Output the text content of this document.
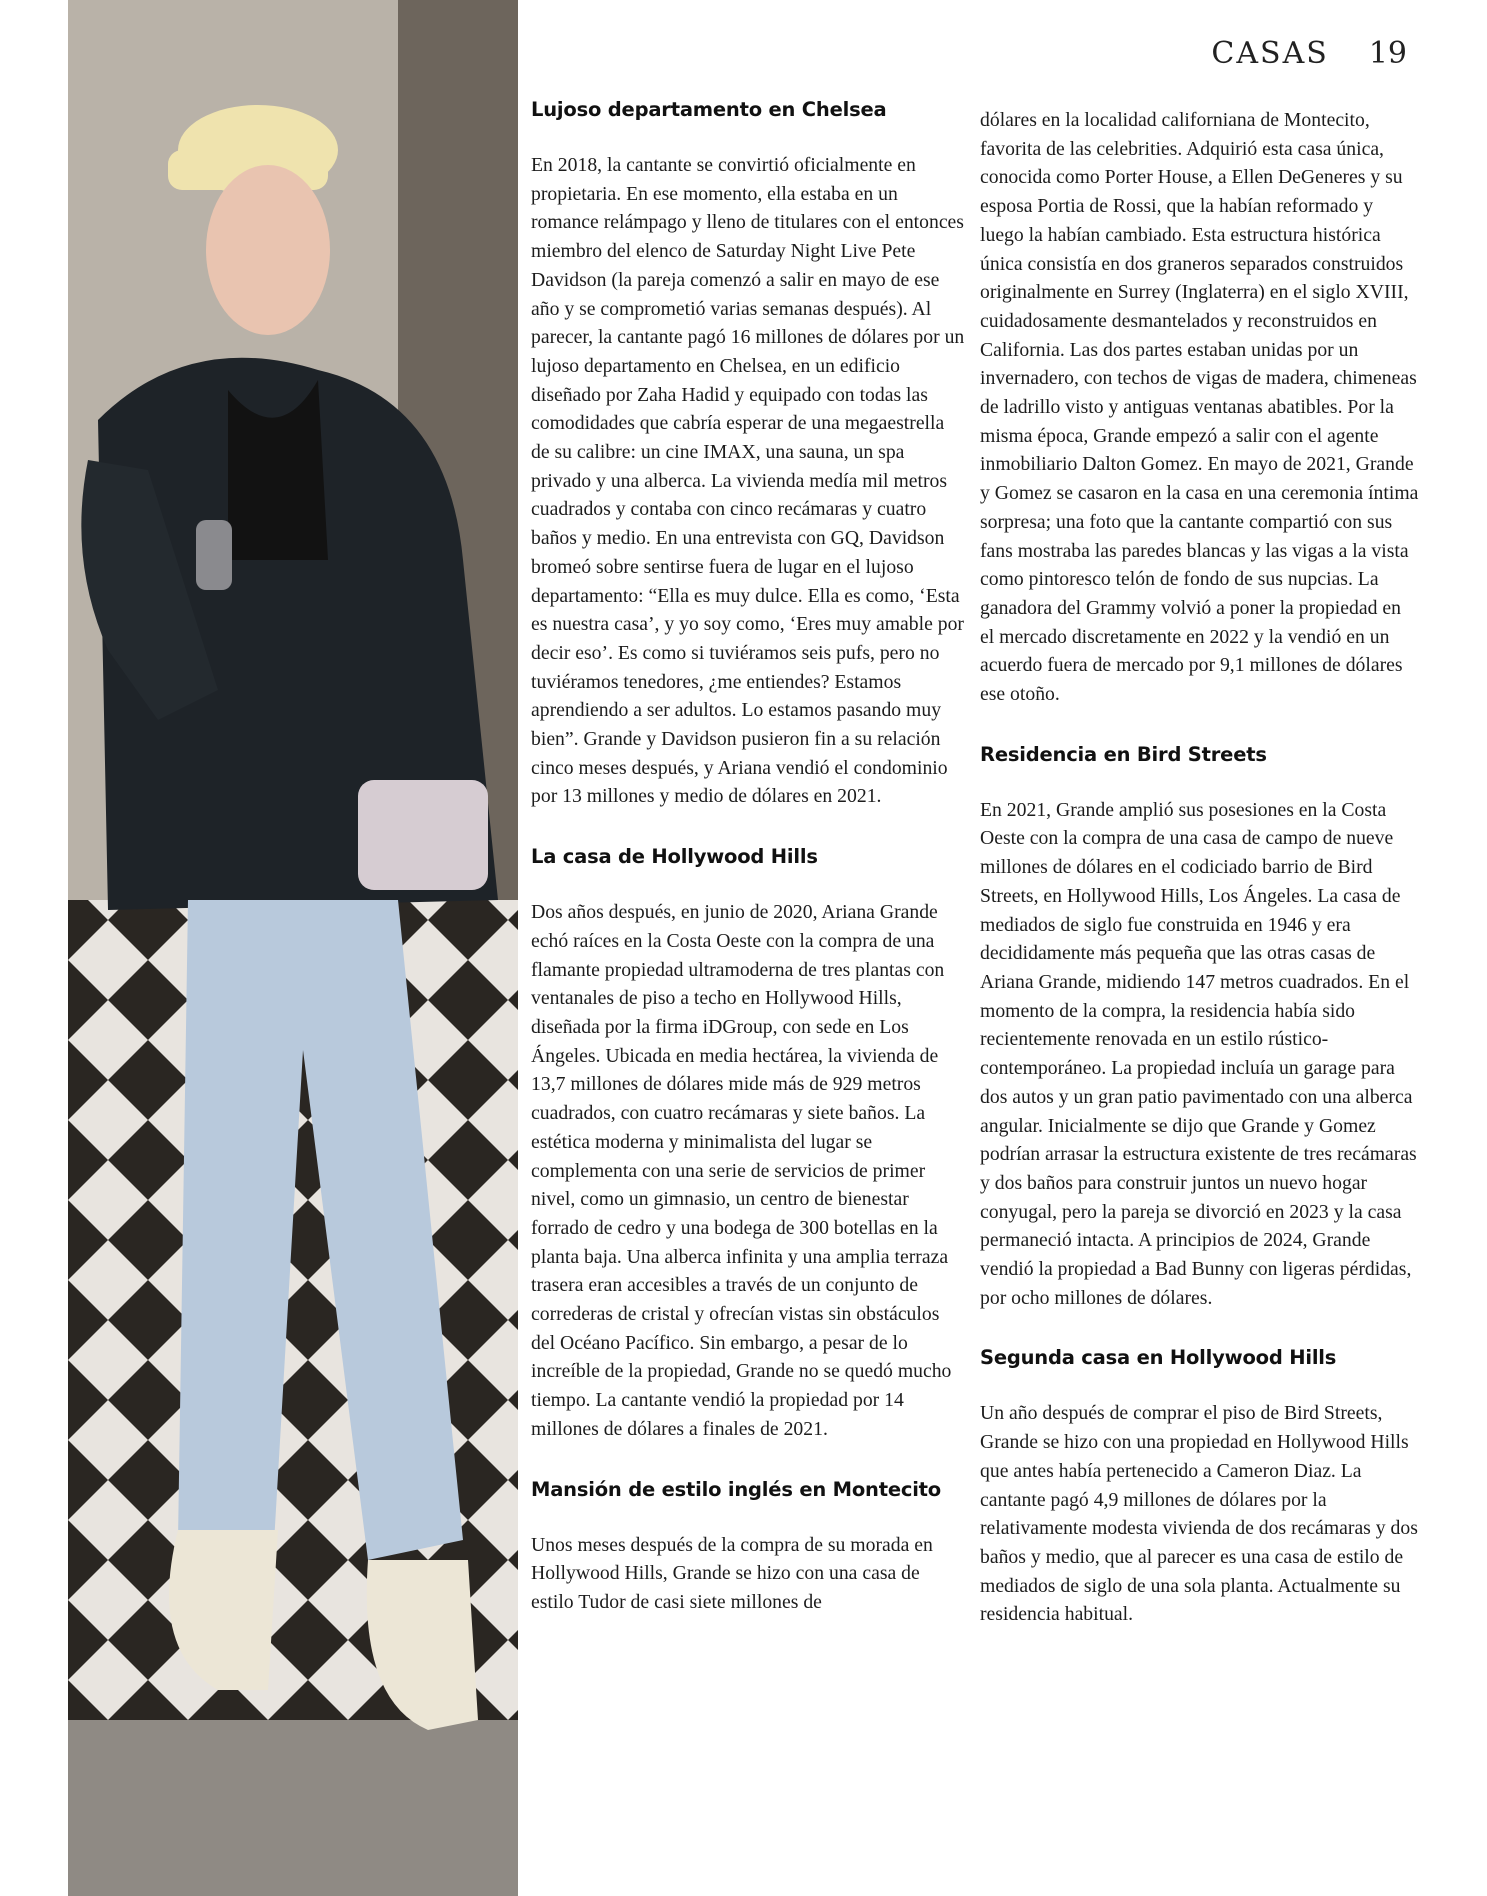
CASAS 19
Lujoso departamento en Chelsea

En 2018, la cantante se convirtió oficialmente en propietaria. En ese momento, ella estaba en un romance relámpago y lleno de titulares con el entonces miembro del elenco de Saturday Night Live Pete Davidson (la pareja comenzó a salir en mayo de ese año y se comprometió varias semanas después). Al parecer, la cantante pagó 16 millones de dólares por un lujoso departamento en Chelsea, en un edificio diseñado por Zaha Hadid y equipado con todas las comodidades que cabría esperar de una megaestrella de su calibre: un cine IMAX, una sauna, un spa privado y una alberca. La vivienda medía mil metros cuadrados y contaba con cinco recámaras y cuatro baños y medio. En una entrevista con GQ, Davidson bromeó sobre sentirse fuera de lugar en el lujoso departamento: “Ella es muy dulce. Ella es como, ‘Esta es nuestra casa’, y yo soy como, ‘Eres muy amable por decir eso’. Es como si tuviéramos seis pufs, pero no tuviéramos tenedores, ¿me entiendes? Estamos aprendiendo a ser adultos. Lo estamos pasando muy bien”. Grande y Davidson pusieron fin a su relación cinco meses después, y Ariana vendió el condominio por 13 millones y medio de dólares en 2021.

La casa de Hollywood Hills

Dos años después, en junio de 2020, Ariana Grande echó raíces en la Costa Oeste con la compra de una flamante propiedad ultramoderna de tres plantas con ventanales de piso a techo en Hollywood Hills, diseñada por la firma iDGroup, con sede en Los Ángeles. Ubicada en media hectárea, la vivienda de 13,7 millones de dólares mide más de 929 metros cuadrados, con cuatro recámaras y siete baños. La estética moderna y minimalista del lugar se complementa con una serie de servicios de primer nivel, como un gimnasio, un centro de bienestar forrado de cedro y una bodega de 300 botellas en la planta baja. Una alberca infinita y una amplia terraza trasera eran accesibles a través de un conjunto de correderas de cristal y ofrecían vistas sin obstáculos del Océano Pacífico. Sin embargo, a pesar de lo increíble de la propiedad, Grande no se quedó mucho tiempo. La cantante vendió la propiedad por 14 millones de dólares a finales de 2021.

Mansión de estilo inglés en Montecito

Unos meses después de la compra de su morada en Hollywood Hills, Grande se hizo con una casa de estilo Tudor de casi siete millones de

dólares en la localidad californiana de Montecito, favorita de las celebrities. Adquirió esta casa única, conocida como Porter House, a Ellen DeGeneres y su esposa Portia de Rossi, que la habían reformado y luego la habían cambiado. Esta estructura histórica única consistía en dos graneros separados construidos originalmente en Surrey (Inglaterra) en el siglo XVIII, cuidadosamente desmantelados y reconstruidos en California. Las dos partes estaban unidas por un invernadero, con techos de vigas de madera, chimeneas de ladrillo visto y antiguas ventanas abatibles. Por la misma época, Grande empezó a salir con el agente inmobiliario Dalton Gomez. En mayo de 2021, Grande y Gomez se casaron en la casa en una ceremonia íntima sorpresa; una foto que la cantante compartió con sus fans mostraba las paredes blancas y las vigas a la vista como pintoresco telón de fondo de sus nupcias. La ganadora del Grammy volvió a poner la propiedad en el mercado discretamente en 2022 y la vendió en un acuerdo fuera de mercado por 9,1 millones de dólares ese otoño.

Residencia en Bird Streets

En 2021, Grande amplió sus posesiones en la Costa Oeste con la compra de una casa de campo de nueve millones de dólares en el codiciado barrio de Bird Streets, en Hollywood Hills, Los Ángeles. La casa de mediados de siglo fue construida en 1946 y era decididamente más pequeña que las otras casas de Ariana Grande, midiendo 147 metros cuadrados. En el momento de la compra, la residencia había sido recientemente renovada en un estilo rústico-contemporáneo. La propiedad incluía un garage para dos autos y un gran patio pavimentado con una alberca angular. Inicialmente se dijo que Grande y Gomez podrían arrasar la estructura existente de tres recámaras y dos baños para construir juntos un nuevo hogar conyugal, pero la pareja se divorció en 2023 y la casa permaneció intacta. A principios de 2024, Grande vendió la propiedad a Bad Bunny con ligeras pérdidas, por ocho millones de dólares.

Segunda casa en Hollywood Hills

Un año después de comprar el piso de Bird Streets, Grande se hizo con una propiedad en Hollywood Hills que antes había pertenecido a Cameron Diaz. La cantante pagó 4,9 millones de dólares por la relativamente modesta vivienda de dos recámaras y dos baños y medio, que al parecer es una casa de estilo de mediados de siglo de una sola planta. Actualmente su residencia habitual.
